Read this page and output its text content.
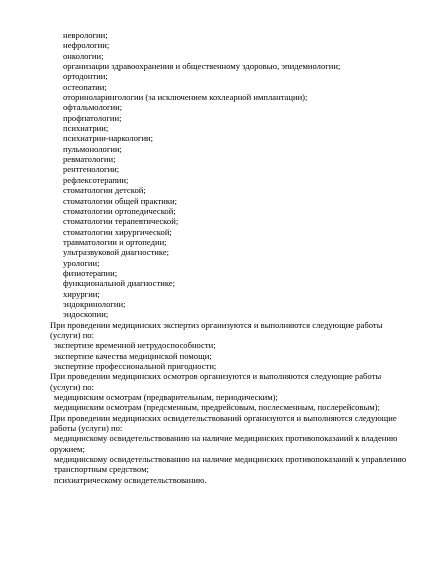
неврологии;
нефрологии;
онкологии;
организации здравоохранения и общественному здоровью, эпидемиологии;
ортодонтии;
остеопатии;
оториноларингологии (за исключением кохлеарной имплантации);
офтальмологии;
профпатологии;
психиатрии;
психиатрии-наркологии;
пульмонологии;
ревматологии;
рентгенологии;
рефлексотерапии;
стоматологии детской;
стоматологии общей практики;
стоматологии ортопедической;
стоматологии терапевтической;
стоматологии хирургической;
травматологии и ортопедии;
ультразвуковой диагностике;
урологии;
физиотерапии;
функциональной диагностике;
хирургии;
эндокринологии;
эндоскопии;
При проведении медицинских экспертиз организуются и выполняются следующие работы
(услуги) по:
экспертизе временной нетрудоспособности;
экспертизе качества медицинской помощи;
экспертизе профессиональной пригодности;
При проведении медицинских осмотров организуются и выполняются следующие работы
(услуги) по:
медицинским осмотрам (предварительным, периодическим);
медицинским осмотрам (предсменным, предрейсовым, послесменным, послерейсовым);
При проведении медицинских освидетельствований организуются и выполняются следующие
работы (услуги) по:
медицинскому освидетельствованию на наличие медицинских противопоказаний к владению
оружием;
медицинскому освидетельствованию на наличие медицинских противопоказаний к управлению
транспортным средством;
психиатрическому освидетельствованию.
